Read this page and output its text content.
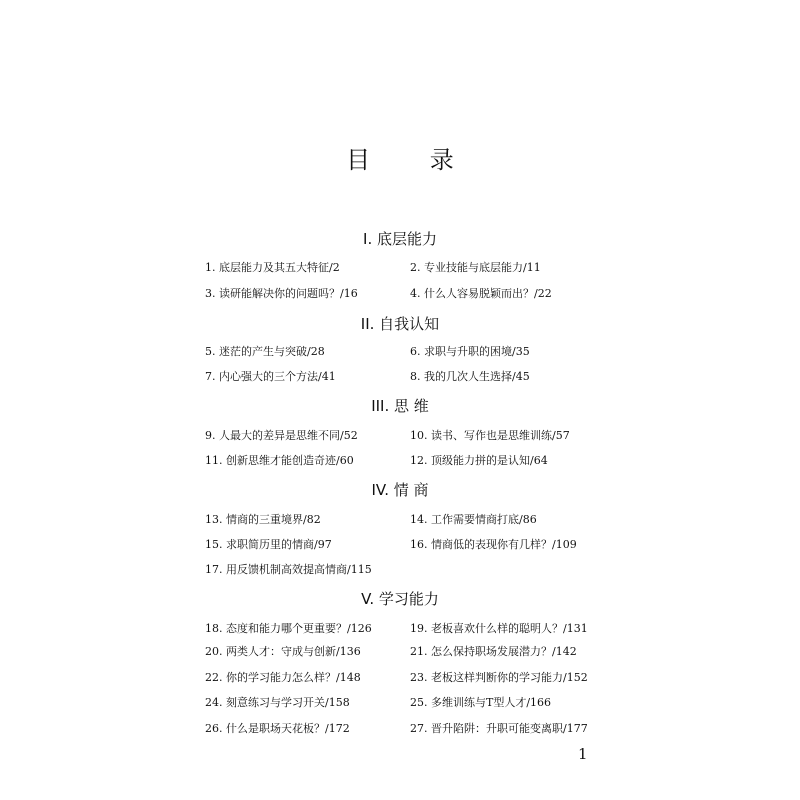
目 录
I. 底层能力
1. 底层能力及其五大特征/2	2. 专业技能与底层能力/11
3. 读研能解决你的问题吗？/16	4. 什么人容易脱颖而出？/22
II. 自我认知
5. 迷茫的产生与突破/28	6. 求职与升职的困境/35
7. 内心强大的三个方法/41	8. 我的几次人生选择/45
III. 思 维
9. 人最大的差异是思维不同/52	10. 读书、写作也是思维训练/57
11. 创新思维才能创造奇迹/60	12. 顶级能力拼的是认知/64
IV. 情 商
13. 情商的三重境界/82	14. 工作需要情商打底/86
15. 求职简历里的情商/97	16. 情商低的表现你有几样？/109
17. 用反馈机制高效提高情商/115
V. 学习能力
18. 态度和能力哪个更重要？/126	19. 老板喜欢什么样的聪明人？/131
20. 两类人才：守成与创新/136	21. 怎么保持职场发展潜力？/142
22. 你的学习能力怎么样？/148	23. 老板这样判断你的学习能力/152
24. 刻意练习与学习开关/158	25. 多维训练与T型人才/166
26. 什么是职场天花板？/172	27. 晋升陷阱：升职可能变离职/177
1
